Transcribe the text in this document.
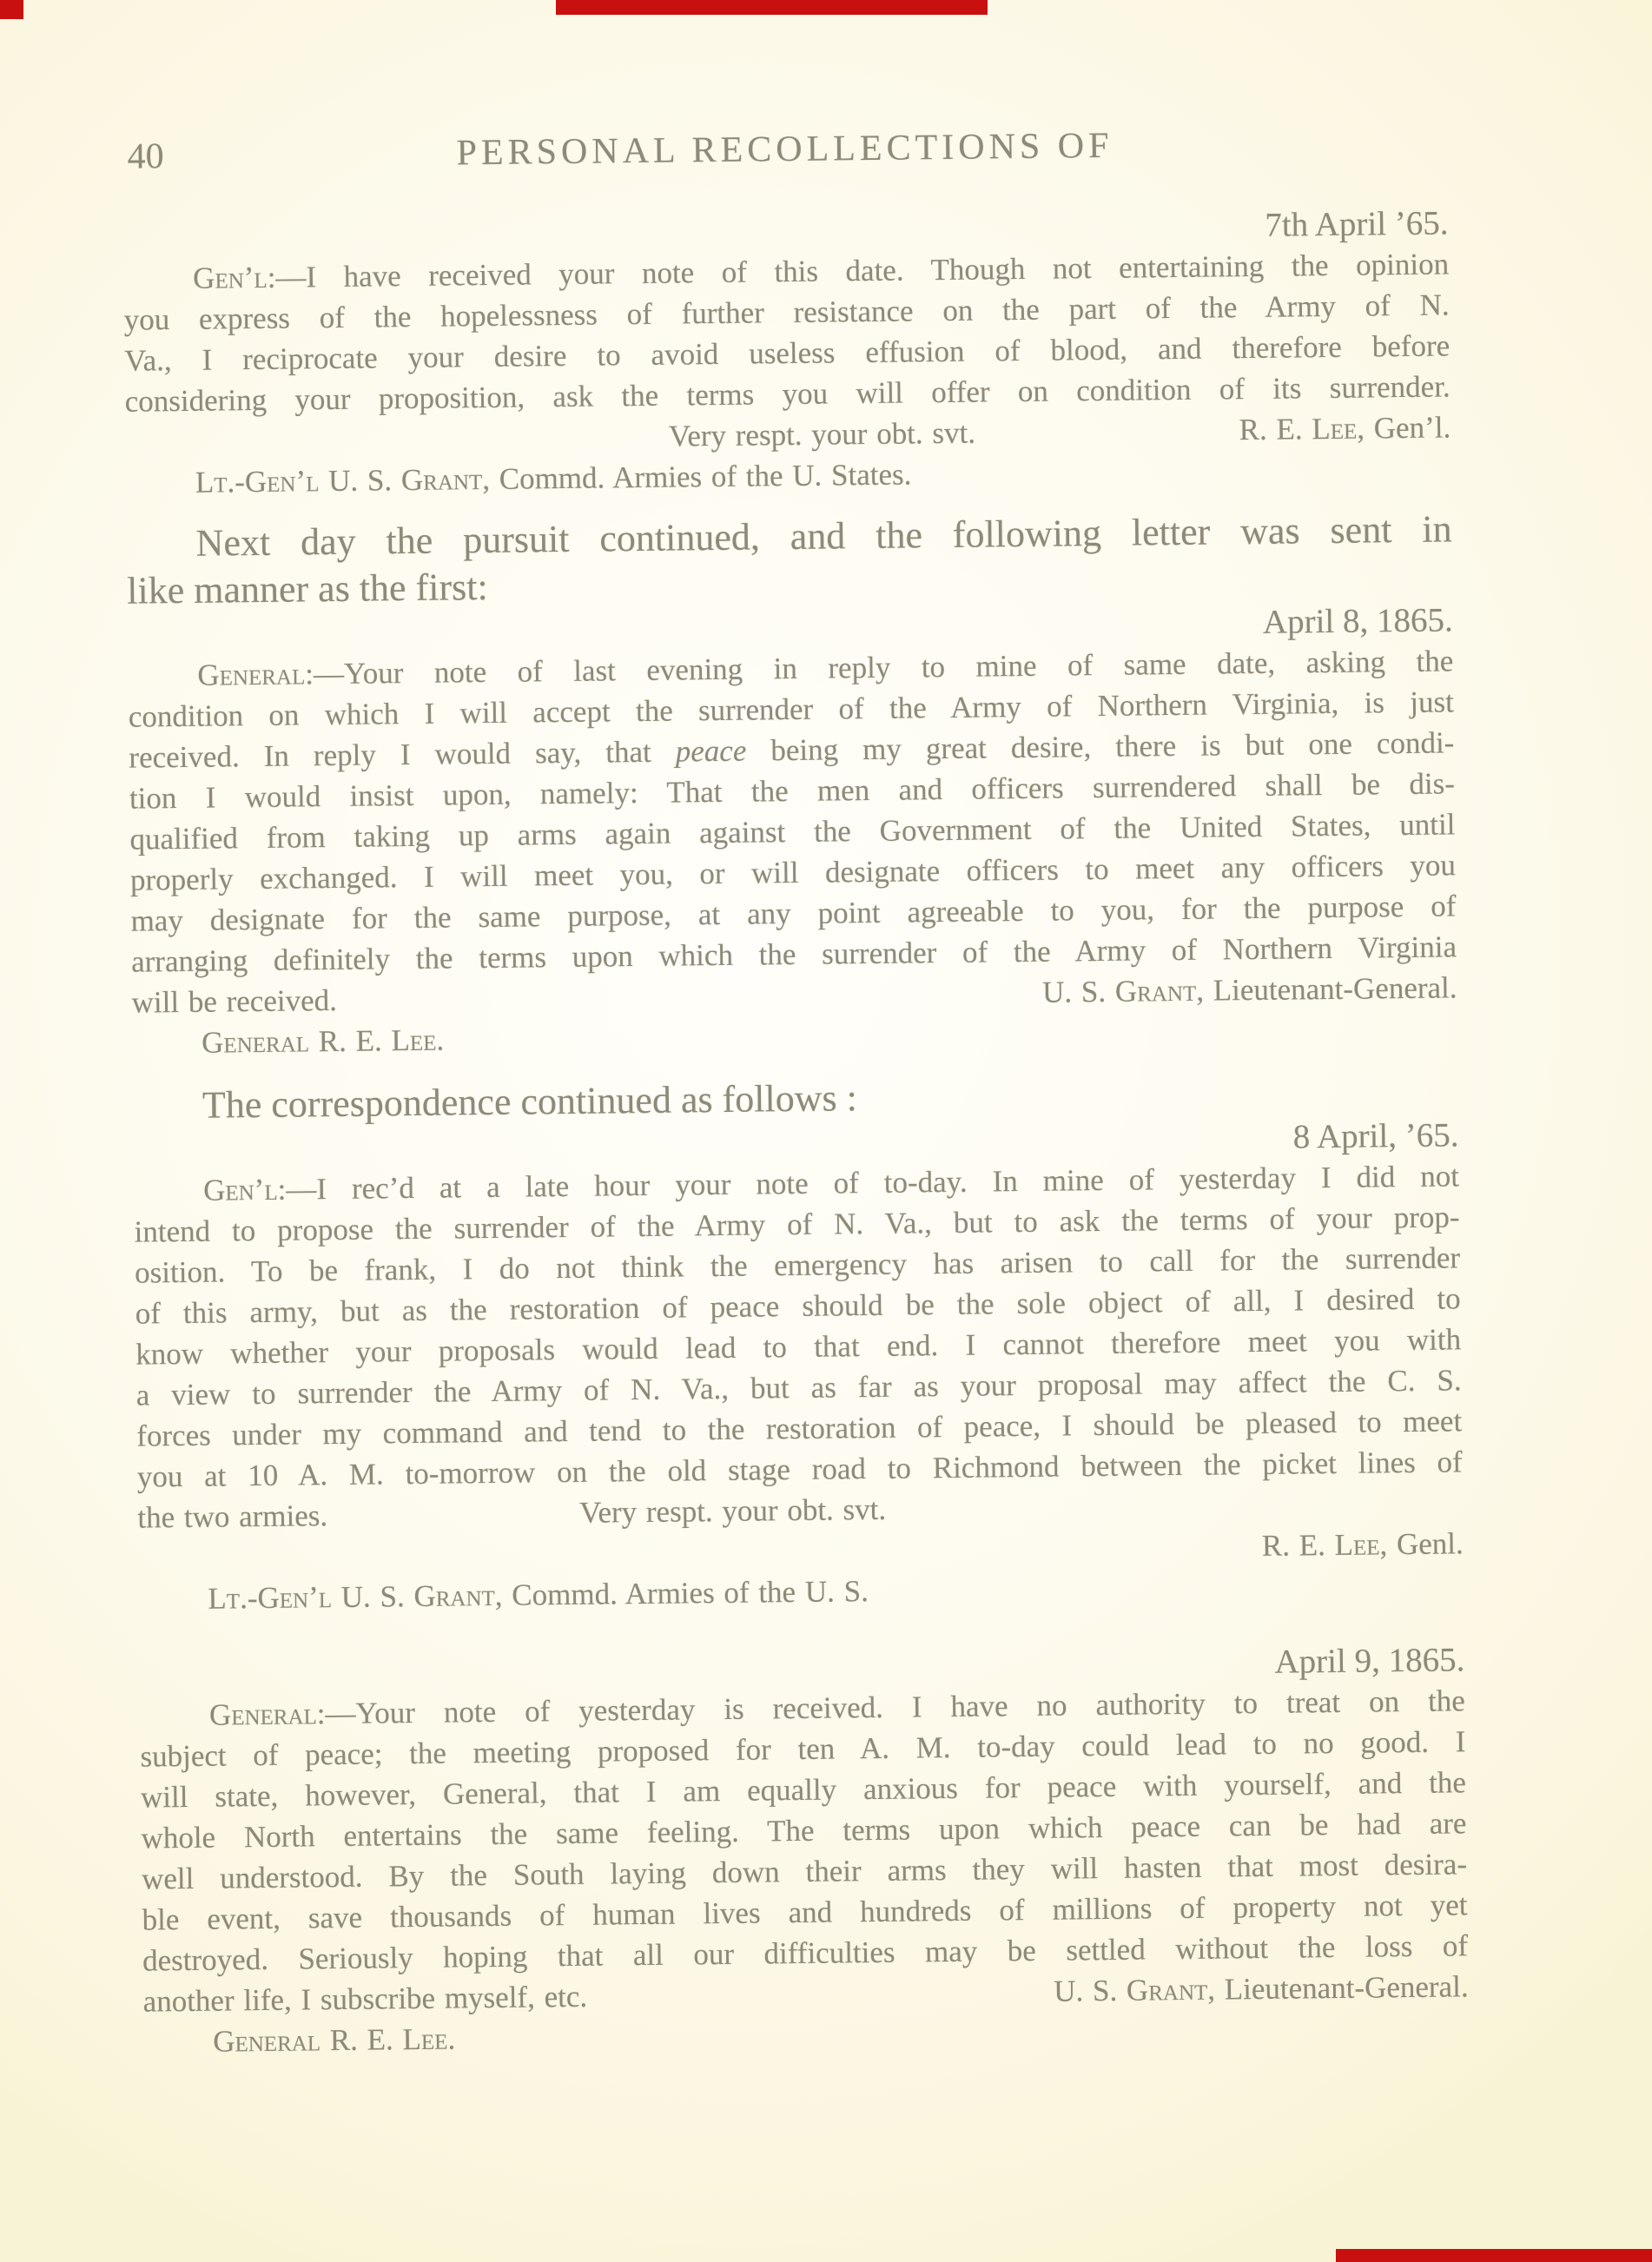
40	PERSONAL RECOLLECTIONS OF
7th April ’65.
Gen’l:—I have received your note of this date. Though not entertaining the opinion
you express of the hopelessness of further resistance on the part of the Army of N.
Va., I reciprocate your desire to avoid useless effusion of blood, and therefore before
considering your proposition, ask the terms you will offer on condition of its surrender.
Very respt. your obt. svt.	R. E. Lee, Gen’l.
Lt.-Gen’l U. S. Grant, Commd. Armies of the U. States.
Next day the pursuit continued, and the following letter was sent in
like manner as the first:
April 8, 1865.
General:—Your note of last evening in reply to mine of same date, asking the
condition on which I will accept the surrender of the Army of Northern Virginia, is just
received. In reply I would say, that peace being my great desire, there is but one condi-
tion I would insist upon, namely: That the men and officers surrendered shall be dis-
qualified from taking up arms again against the Government of the United States, until
properly exchanged. I will meet you, or will designate officers to meet any officers you
may designate for the same purpose, at any point agreeable to you, for the purpose of
arranging definitely the terms upon which the surrender of the Army of Northern Virginia
will be received.	U. S. Grant, Lieutenant-General.
General R. E. Lee.
The correspondence continued as follows :
8 April, ’65.
Gen’l:—I rec’d at a late hour your note of to-day. In mine of yesterday I did not
intend to propose the surrender of the Army of N. Va., but to ask the terms of your prop-
osition. To be frank, I do not think the emergency has arisen to call for the surrender
of this army, but as the restoration of peace should be the sole object of all, I desired to
know whether your proposals would lead to that end. I cannot therefore meet you with
a view to surrender the Army of N. Va., but as far as your proposal may affect the C. S.
forces under my command and tend to the restoration of peace, I should be pleased to meet
you at 10 A. M. to-morrow on the old stage road to Richmond between the picket lines of
the two armies.	Very respt. your obt. svt.
R. E. Lee, Genl.
Lt.-Gen’l U. S. Grant, Commd. Armies of the U. S.
April 9, 1865.
General:—Your note of yesterday is received. I have no authority to treat on the
subject of peace; the meeting proposed for ten A. M. to-day could lead to no good. I
will state, however, General, that I am equally anxious for peace with yourself, and the
whole North entertains the same feeling. The terms upon which peace can be had are
well understood. By the South laying down their arms they will hasten that most desira-
ble event, save thousands of human lives and hundreds of millions of property not yet
destroyed. Seriously hoping that all our difficulties may be settled without the loss of
another life, I subscribe myself, etc.	U. S. Grant, Lieutenant-General.
General R. E. Lee.
